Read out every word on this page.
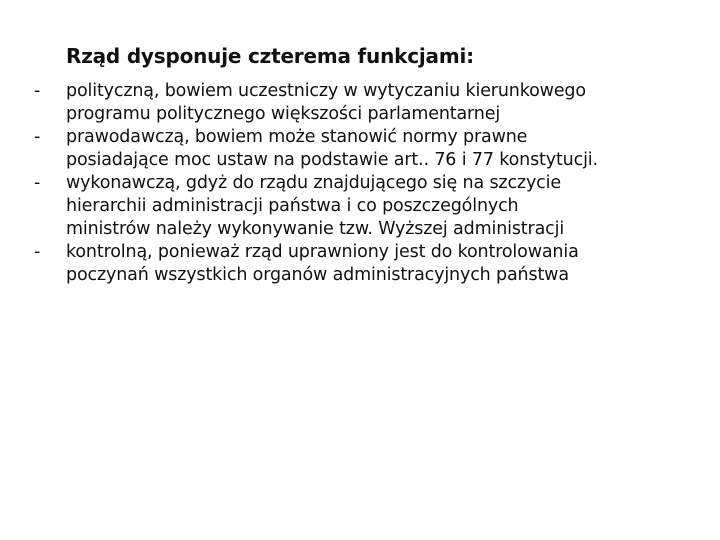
Rząd dysponuje czterema funkcjami:
- polityczną, bowiem uczestniczy w wytyczaniu kierunkowego
programu politycznego większości parlamentarnej
- prawodawczą, bowiem może stanowić normy prawne
posiadające moc ustaw na podstawie art.. 76 i 77 konstytucji.
- wykonawczą, gdyż do rządu znajdującego się na szczycie
hierarchii administracji państwa i co poszczególnych
ministrów należy wykonywanie tzw. Wyższej administracji
- kontrolną, ponieważ rząd uprawniony jest do kontrolowania
poczynań wszystkich organów administracyjnych państwa
